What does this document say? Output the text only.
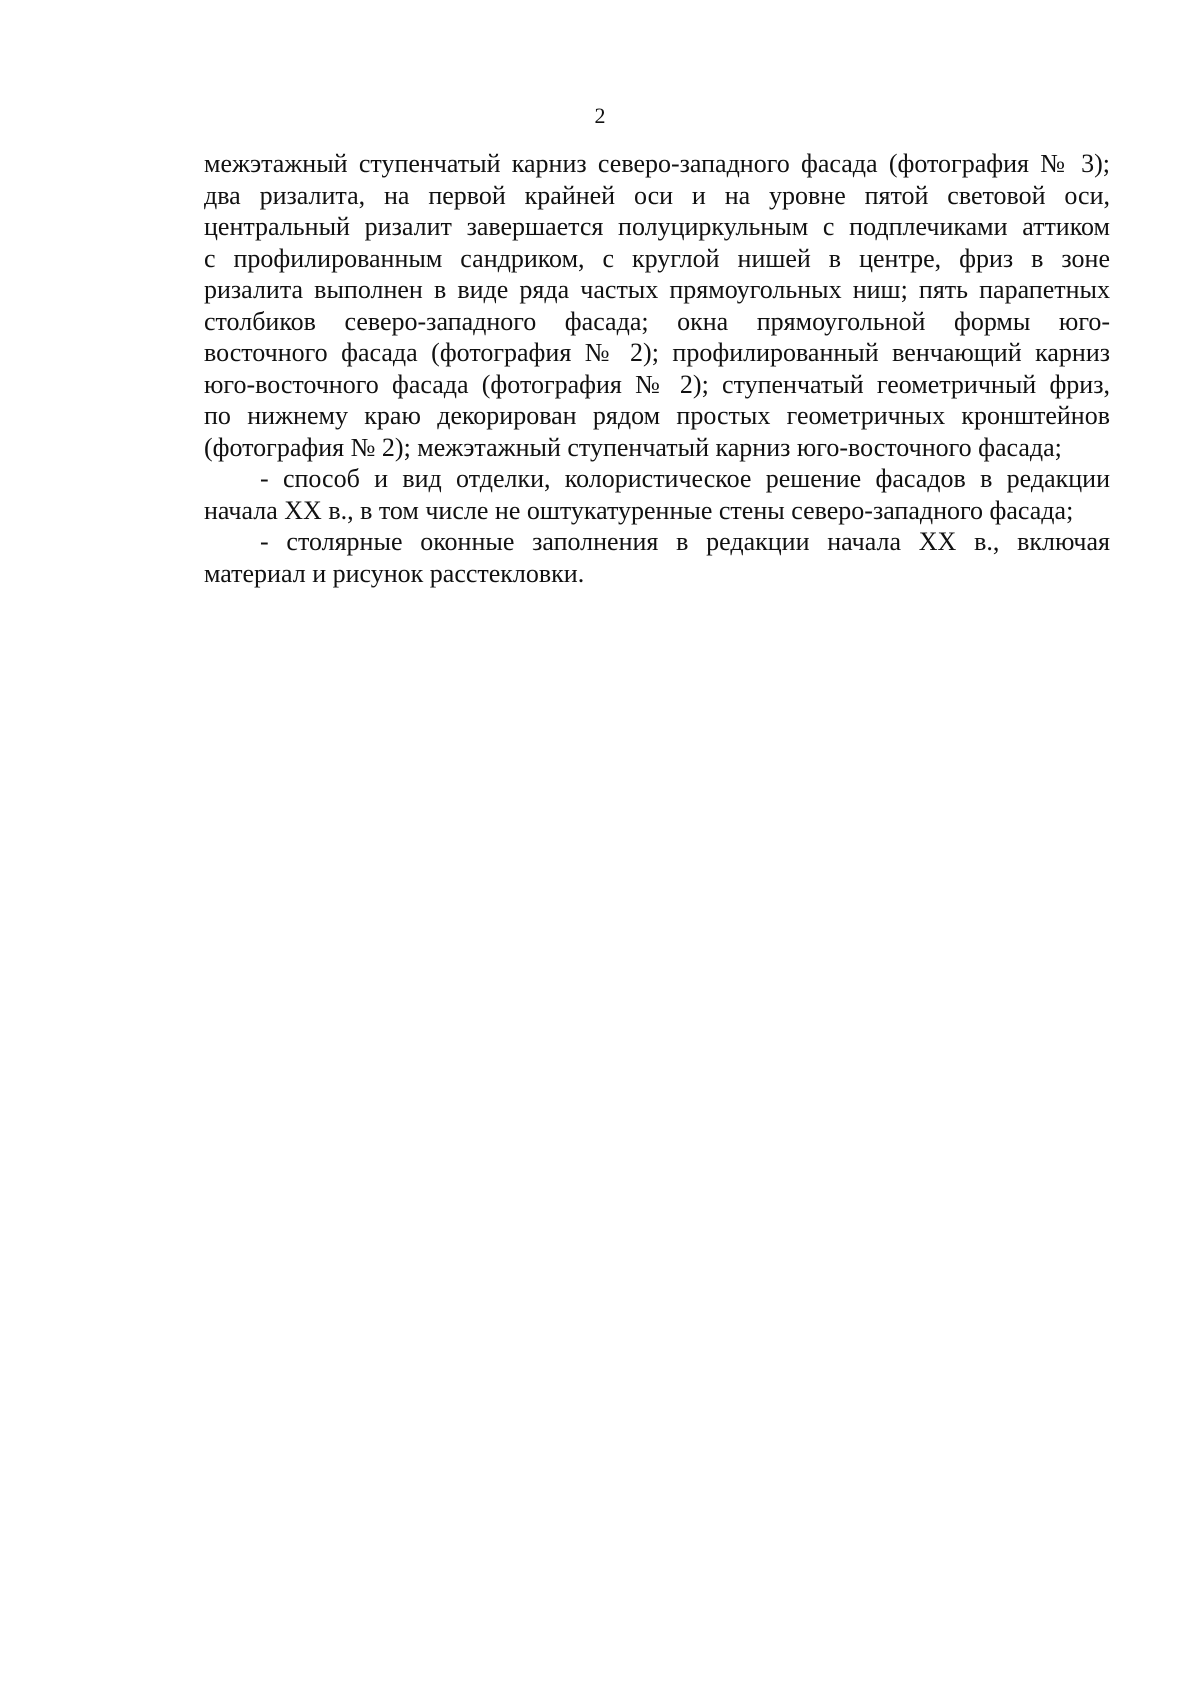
2
межэтажный ступенчатый карниз северо-западного фасада (фотография № 3);
два ризалита, на первой крайней оси и на уровне пятой световой оси,
центральный ризалит завершается полуциркульным с подплечиками аттиком
с профилированным сандриком, с круглой нишей в центре, фриз в зоне
ризалита выполнен в виде ряда частых прямоугольных ниш; пять парапетных
столбиков северо-западного фасада; окна прямоугольной формы юго-
восточного фасада (фотография № 2); профилированный венчающий карниз
юго-восточного фасада (фотография № 2); ступенчатый геометричный фриз,
по нижнему краю декорирован рядом простых геометричных кронштейнов
(фотография № 2); межэтажный ступенчатый карниз юго-восточного фасада;
- способ и вид отделки, колористическое решение фасадов в редакции
начала XX в., в том числе не оштукатуренные стены северо-западного фасада;
- столярные оконные заполнения в редакции начала XX в., включая
материал и рисунок расстекловки.
